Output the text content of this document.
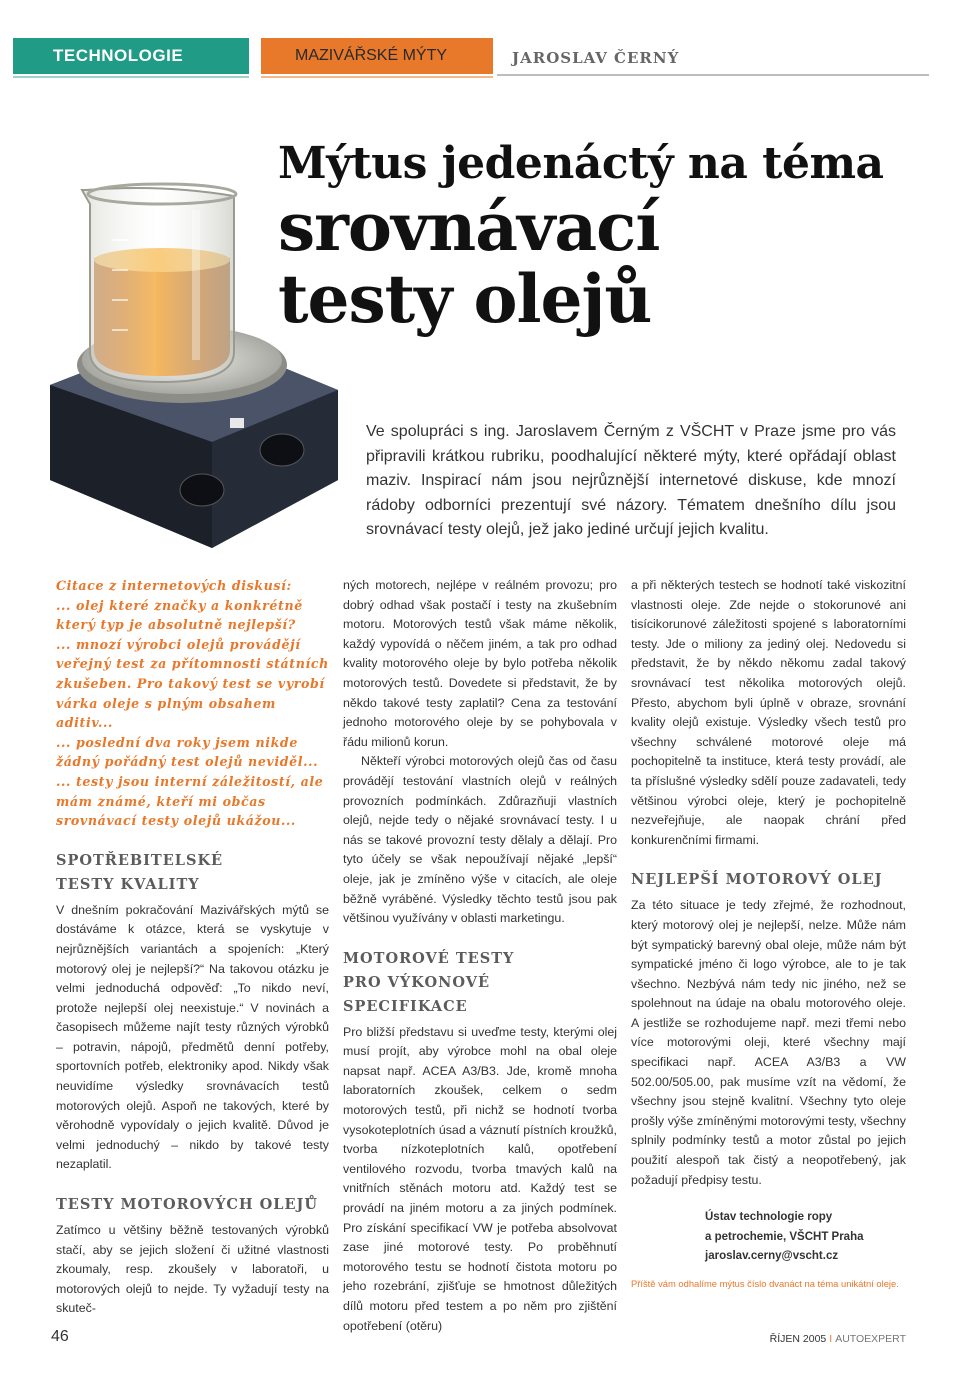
TECHNOLOGIE	MAZIVÁŘSKÉ MÝTY	JAROSLAV ČERNÝ
Mýtus jedenáctý na téma
srovnávací
testy olejů
Ve spolupráci s ing. Jaroslavem Černým z VŠCHT v Praze jsme pro vás připravili krátkou rubriku, poodhalující některé mýty, které opřádají oblast maziv. Inspirací nám jsou nejrůznější internetové diskuse, kde mnozí rádoby odborníci prezentují své názory. Tématem dnešního dílu jsou srovnávací testy olejů, jež jako jediné určují jejich kvalitu.
Citace z internetových diskusí:
... olej které značky a konkrétně který typ je absolutně nejlepší?
... mnozí výrobci olejů provádějí veřejný test za přítomnosti státních zkušeben. Pro takový test se vyrobí várka oleje s plným obsahem aditiv...
... poslední dva roky jsem nikde žádný pořádný test olejů neviděl...
... testy jsou interní záležitostí, ale mám známé, kteří mi občas srovnávací testy olejů ukážou...
SPOTŘEBITELSKÉ
TESTY KVALITY

V dnešním pokračování Mazivářských mýtů se dostáváme k otázce, která se vyskytuje v nejrůznějších variantách a spojeních: „Který motorový olej je nejlepší?“ Na takovou otázku je velmi jednoduchá odpověď: „To nikdo neví, protože nejlepší olej neexistuje.“ V novinách a časopisech můžeme najít testy různých výrobků – potravin, nápojů, předmětů denní potřeby, sportovních potřeb, elektroniky apod. Nikdy však neuvidíme výsledky srovnávacích testů motorových olejů. Aspoň ne takových, které by věrohodně vypovídaly o jejich kvalitě. Důvod je velmi jednoduchý – nikdo by takové testy nezaplatil.

TESTY MOTOROVÝCH OLEJŮ

Zatímco u většiny běžně testovaných výrobků stačí, aby se jejich složení či užitné vlastnosti zkoumaly, resp. zkoušely v laboratoři, u motorových olejů to nejde. Ty vyžadují testy na skuteč-

ných motorech, nejlépe v reálném provozu; pro dobrý odhad však postačí i testy na zkušebním motoru. Motorových testů však máme několik, každý vypovídá o něčem jiném, a tak pro odhad kvality motorového oleje by bylo potřeba několik motorových testů. Dovedete si představit, že by někdo takové testy zaplatil? Cena za testování jednoho motorového oleje by se pohybovala v řádu milionů korun.

Někteří výrobci motorových olejů čas od času provádějí testování vlastních olejů v reálných provozních podmínkách. Zdůrazňuji vlastních olejů, nejde tedy o nějaké srovnávací testy. I u nás se takové provozní testy dělaly a dělají. Pro tyto účely se však nepoužívají nějaké „lepší“ oleje, jak je zmíněno výše v citacích, ale oleje běžně vyráběné. Výsledky těchto testů jsou pak většinou využívány v oblasti marketingu.

MOTOROVÉ TESTY
PRO VÝKONOVÉ SPECIFIKACE

Pro bližší představu si uveďme testy, kterými olej musí projít, aby výrobce mohl na obal oleje napsat např. ACEA A3/B3. Jde, kromě mnoha laboratorních zkoušek, celkem o sedm motorových testů, při nichž se hodnotí tvorba vysokoteplotních úsad a váznutí pístních kroužků, tvorba nízkoteplotních kalů, opotřebení ventilového rozvodu, tvorba tmavých kalů na vnitřních stěnách motoru atd. Každý test se provádí na jiném motoru a za jiných podmínek. Pro získání specifikací VW je potřeba absolvovat zase jiné motorové testy. Po proběhnutí motorového testu se hodnotí čistota motoru po jeho rozebrání, zjišťuje se hmotnost důležitých dílů motoru před testem a po něm pro zjištění opotřebení (otěru)

a při některých testech se hodnotí také viskozitní vlastnosti oleje. Zde nejde o stokorunové ani tisícikorunové záležitosti spojené s laboratorními testy. Jde o miliony za jediný olej. Nedovedu si představit, že by někdo někomu zadal takový srovnávací test několika motorových olejů. Přesto, abychom byli úplně v obraze, srovnání kvality olejů existuje. Výsledky všech testů pro všechny schválené motorové oleje má pochopitelně ta instituce, která testy provádí, ale ta příslušné výsledky sdělí pouze zadavateli, tedy většinou výrobci oleje, který je pochopitelně nezveřejňuje, ale naopak chrání před konkurenčními firmami.

NEJLEPŠÍ MOTOROVÝ OLEJ

Za této situace je tedy zřejmé, že rozhodnout, který motorový olej je nejlepší, nelze. Může nám být sympatický barevný obal oleje, může nám být sympatické jméno či logo výrobce, ale to je tak všechno. Nezbývá nám tedy nic jiného, než se spolehnout na údaje na obalu motorového oleje. A jestliže se rozhodujeme např. mezi třemi nebo více motorovými oleji, které všechny mají specifikaci např. ACEA A3/B3 a VW 502.00/505.00, pak musíme vzít na vědomí, že všechny jsou stejně kvalitní. Všechny tyto oleje prošly výše zmíněnými motorovými testy, všechny splnily podmínky testů a motor zůstal po jejich použití alespoň tak čistý a neopotřebený, jak požadují předpisy testu.

Ústav technologie ropy
a petrochemie, VŠCHT Praha
jaroslav.cerny@vscht.cz
Příště vám odhalíme mýtus číslo dvanáct na téma unikátní oleje.
46	ŘÍJEN 2005 I AUTOEXPERT
